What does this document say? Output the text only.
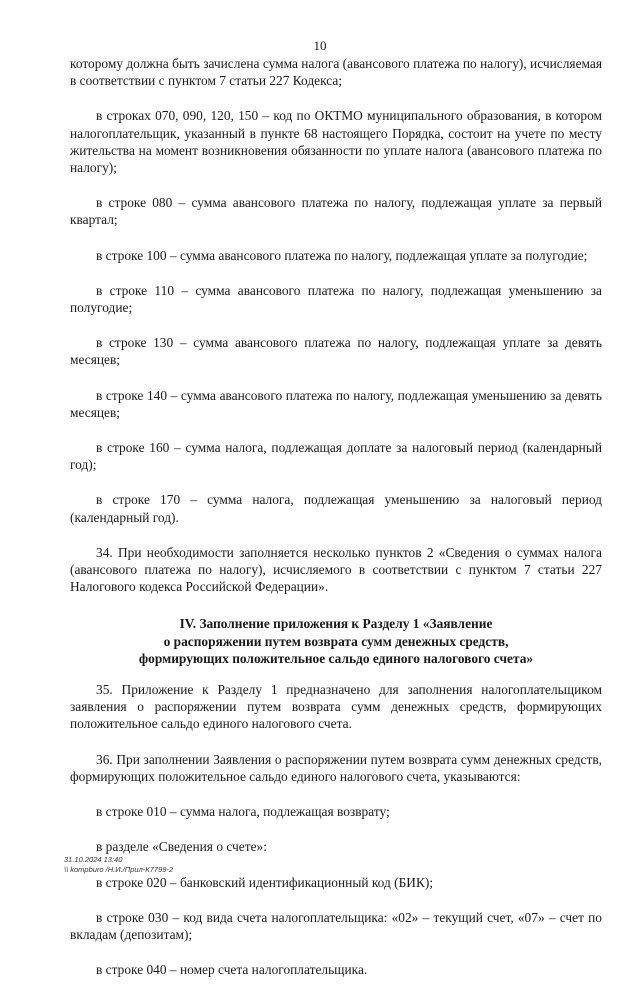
10

которому должна быть зачислена сумма налога (авансового платежа по налогу), исчисляемая в соответствии с пунктом 7 статьи 227 Кодекса;

в строках 070, 090, 120, 150 – код по ОКТМО муниципального образования, в котором налогоплательщик, указанный в пункте 68 настоящего Порядка, состоит на учете по месту жительства на момент возникновения обязанности по уплате налога (авансового платежа по налогу);

в строке 080 – сумма авансового платежа по налогу, подлежащая уплате за первый квартал;

в строке 100 – сумма авансового платежа по налогу, подлежащая уплате за полугодие;

в строке 110 – сумма авансового платежа по налогу, подлежащая уменьшению за полугодие;

в строке 130 – сумма авансового платежа по налогу, подлежащая уплате за девять месяцев;

в строке 140 – сумма авансового платежа по налогу, подлежащая уменьшению за девять месяцев;

в строке 160 – сумма налога, подлежащая доплате за налоговый период (календарный год);

в строке 170 – сумма налога, подлежащая уменьшению за налоговый период (календарный год).

34. При необходимости заполняется несколько пунктов 2 «Сведения о суммах налога (авансового платежа по налогу), исчисляемого в соответствии с пунктом 7 статьи 227 Налогового кодекса Российской Федерации».

IV. Заполнение приложения к Разделу 1 «Заявление
о распоряжении путем возврата сумм денежных средств,
формирующих положительное сальдо единого налогового счета»

35. Приложение к Разделу 1 предназначено для заполнения налогоплательщиком заявления о распоряжении путем возврата сумм денежных средств, формирующих положительное сальдо единого налогового счета.

36. При заполнении Заявления о распоряжении путем возврата сумм денежных средств, формирующих положительное сальдо единого налогового счета, указываются:

в строке 010 – сумма налога, подлежащая возврату;

в разделе «Сведения о счете»:

в строке 020 – банковский идентификационный код (БИК);

в строке 030 – код вида счета налогоплательщика: «02» – текущий счет, «07» – счет по вкладам (депозитам);

в строке 040 – номер счета налогоплательщика.

31.10.2024 13:40
\\ kompburo /Н.И./Прил-К7799-2
